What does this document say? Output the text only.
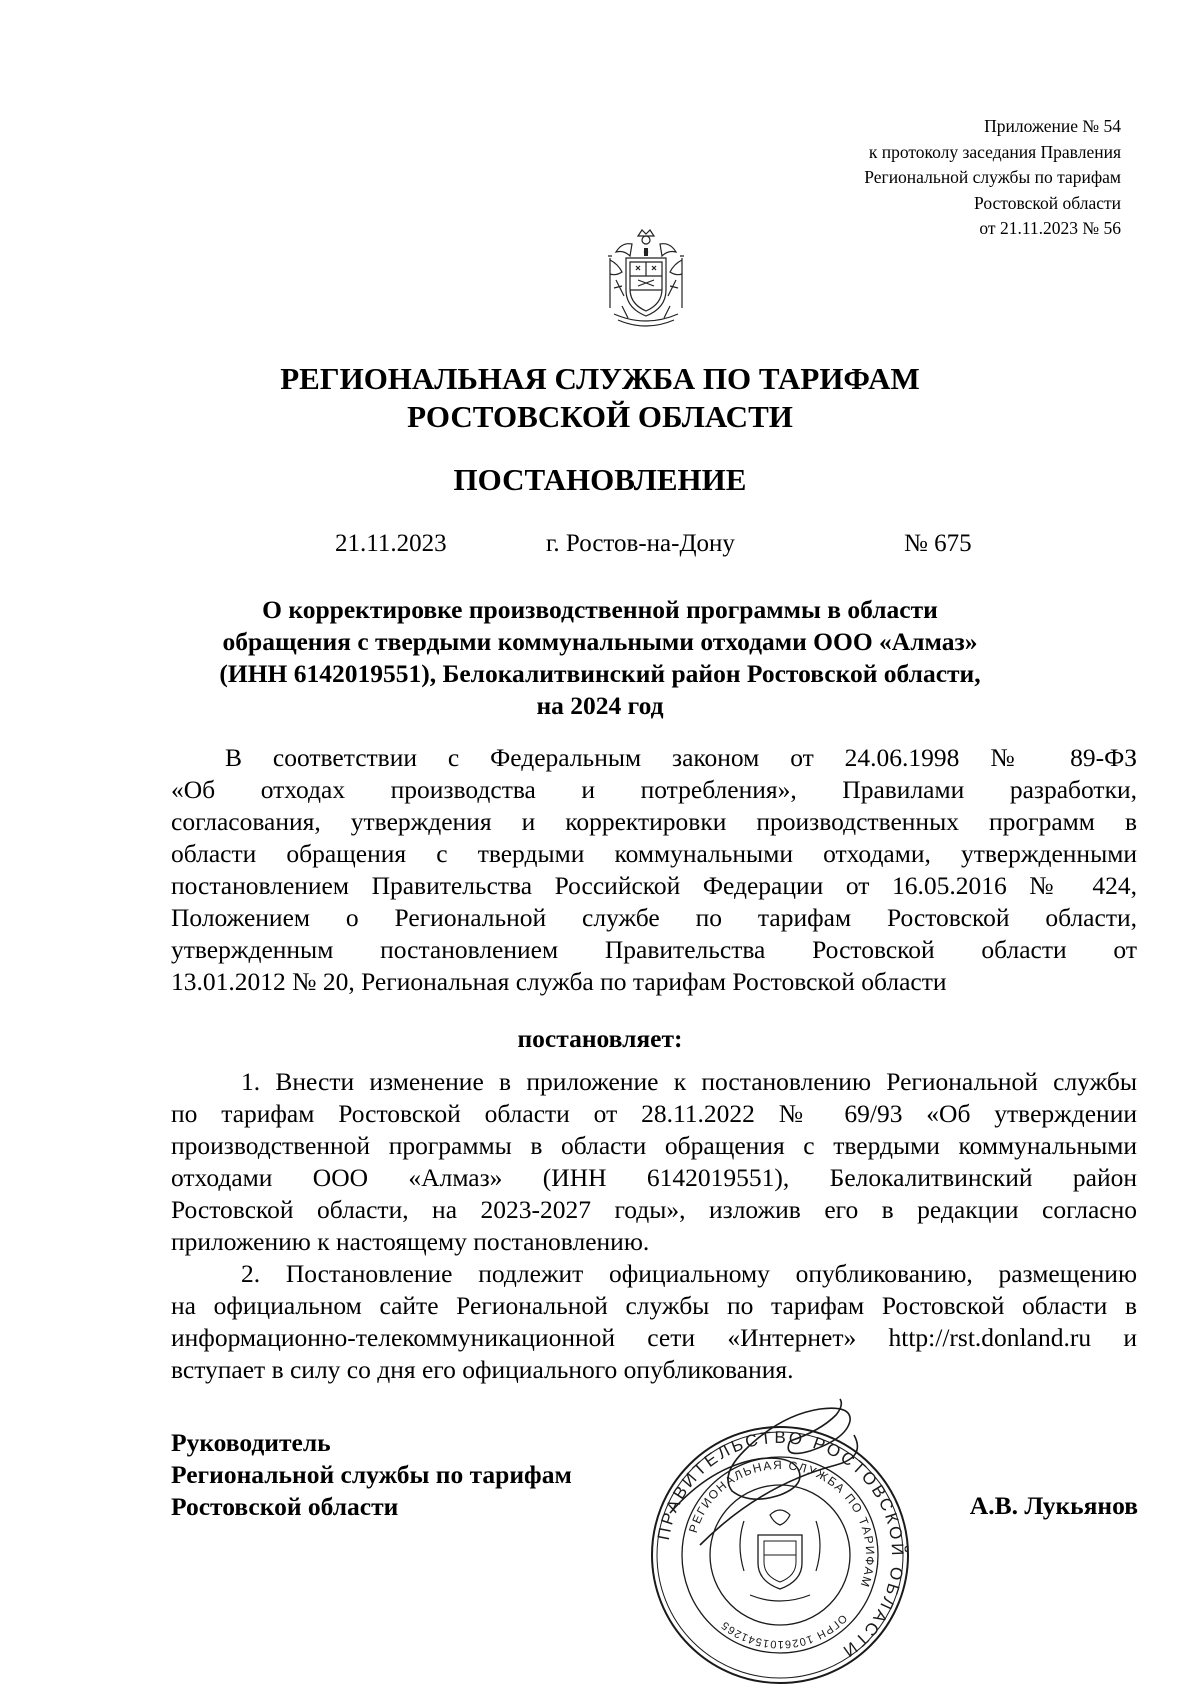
Приложение № 54
к протоколу заседания Правления
Региональной службы по тарифам
Ростовской области
от 21.11.2023 № 56
РЕГИОНАЛЬНАЯ СЛУЖБА ПО ТАРИФАМ
РОСТОВСКОЙ ОБЛАСТИ
ПОСТАНОВЛЕНИЕ
21.11.2023	г. Ростов-на-Дону	№ 675
О корректировке производственной программы в области
обращения с твердыми коммунальными отходами ООО «Алмаз»
(ИНН 6142019551), Белокалитвинский район Ростовской области,
на 2024 год
В соответствии с Федеральным законом от 24.06.1998 № 89-ФЗ
«Об отходах производства и потребления», Правилами разработки,
согласования, утверждения и корректировки производственных программ в
области обращения с твердыми коммунальными отходами, утвержденными
постановлением Правительства Российской Федерации от 16.05.2016 № 424,
Положением о Региональной службе по тарифам Ростовской области,
утвержденным постановлением Правительства Ростовской области от
13.01.2012 № 20, Региональная служба по тарифам Ростовской области
постановляет:
1. Внести изменение в приложение к постановлению Региональной службы
по тарифам Ростовской области от 28.11.2022 № 69/93 «Об утверждении
производственной программы в области обращения с твердыми коммунальными
отходами ООО «Алмаз» (ИНН 6142019551), Белокалитвинский район
Ростовской области, на 2023-2027 годы», изложив его в редакции согласно
приложению к настоящему постановлению.
2. Постановление подлежит официальному опубликованию, размещению
на официальном сайте Региональной службы по тарифам Ростовской области в
информационно-телекоммуникационной сети «Интернет» http://rst.donland.ru и
вступает в силу со дня его официального опубликования.
Руководитель
Региональной службы по тарифам
Ростовской области
ПРАВИТЕЛЬСТВО РОСТОВСКОЙ ОБЛАСТИ
РЕГИОНАЛЬНАЯ СЛУЖБА ПО ТАРИФАМ
ОГРН 1026101541265
А.В. Лукьянов
